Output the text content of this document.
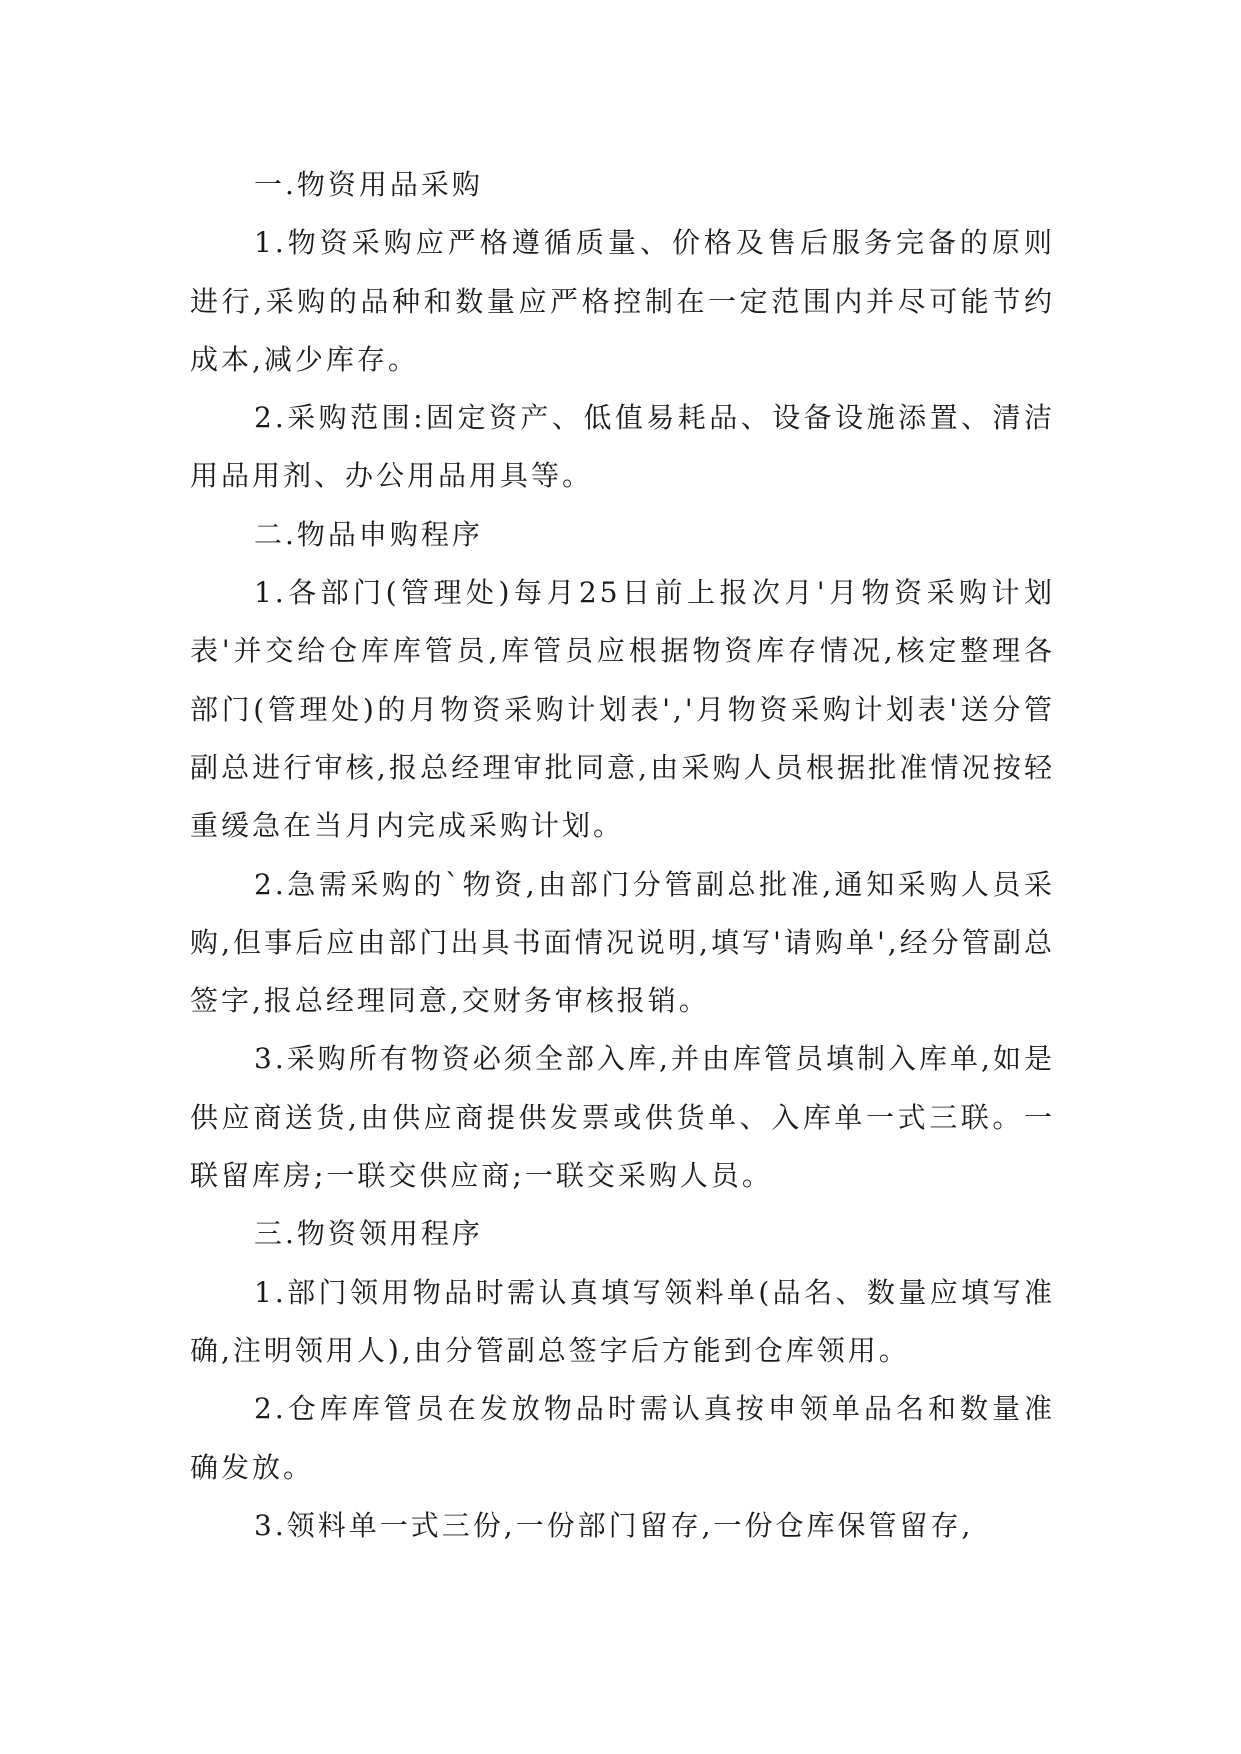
一.物资用品采购

1.物资采购应严格遵循质量、价格及售后服务完备的原则进行,采购的品种和数量应严格控制在一定范围内并尽可能节约成本,减少库存。

2.采购范围:固定资产、低值易耗品、设备设施添置、清洁用品用剂、办公用品用具等。

二.物品申购程序

1.各部门(管理处)每月25日前上报次月'月物资采购计划表'并交给仓库库管员,库管员应根据物资库存情况,核定整理各部门(管理处)的月物资采购计划表','月物资采购计划表'送分管副总进行审核,报总经理审批同意,由采购人员根据批准情况按轻重缓急在当月内完成采购计划。

2.急需采购的`物资,由部门分管副总批准,通知采购人员采购,但事后应由部门出具书面情况说明,填写'请购单',经分管副总签字,报总经理同意,交财务审核报销。

3.采购所有物资必须全部入库,并由库管员填制入库单,如是供应商送货,由供应商提供发票或供货单、入库单一式三联。一联留库房;一联交供应商;一联交采购人员。

三.物资领用程序

1.部门领用物品时需认真填写领料单(品名、数量应填写准确,注明领用人),由分管副总签字后方能到仓库领用。

2.仓库库管员在发放物品时需认真按申领单品名和数量准确发放。

3.领料单一式三份,一份部门留存,一份仓库保管留存,
